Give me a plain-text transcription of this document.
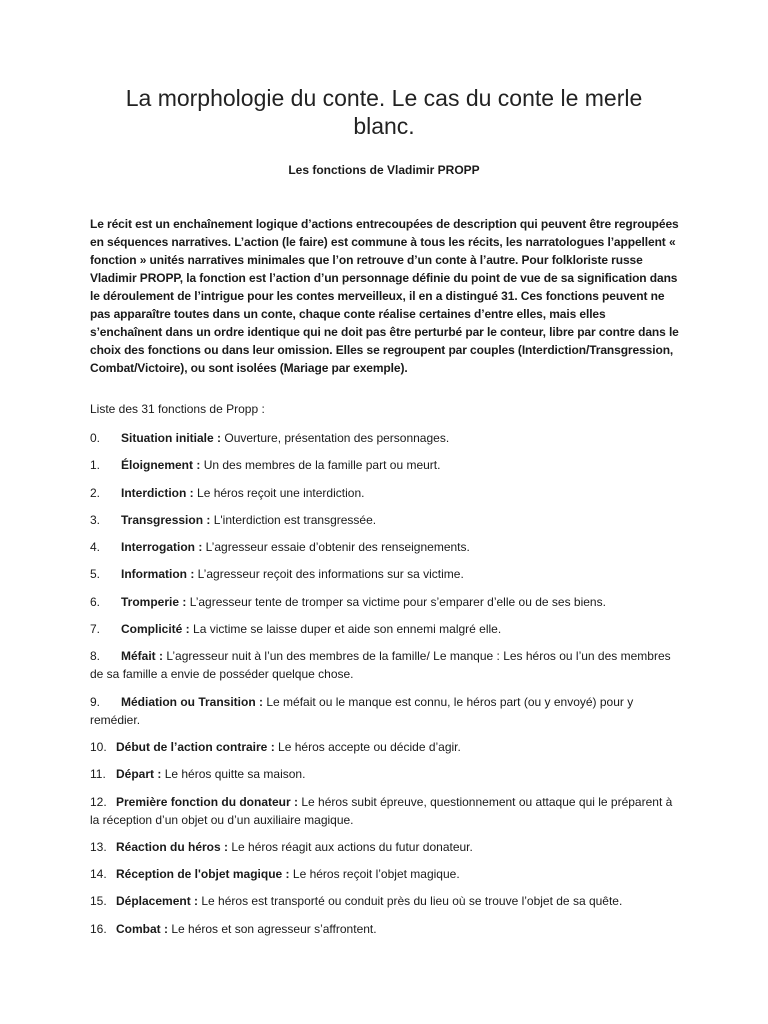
La morphologie du conte. Le cas du conte le merle blanc.

Les fonctions de Vladimir PROPP

Le récit est un enchaînement logique d’actions entrecoupées de description qui peuvent être regroupées en séquences narratives. L’action (le faire) est commune à tous les récits, les narratologues l’appellent « fonction » unités narratives minimales que l’on retrouve d’un conte à l’autre. Pour folkloriste russe Vladimir PROPP, la fonction est l’action d’un personnage définie du point de vue de sa signification dans le déroulement de l’intrigue pour les contes merveilleux, il en a distingué 31. Ces fonctions peuvent ne pas apparaître toutes dans un conte, chaque conte réalise certaines d’entre elles, mais elles s’enchaînent dans un ordre identique qui ne doit pas être perturbé par le conteur, libre par contre dans le choix des fonctions ou dans leur omission. Elles se regroupent par couples (Interdiction/Transgression, Combat/Victoire), ou sont isolées (Mariage par exemple).

Liste des 31 fonctions de Propp :

0. Situation initiale : Ouverture, présentation des personnages.
1. Éloignement : Un des membres de la famille part ou meurt.
2. Interdiction : Le héros reçoit une interdiction.
3. Transgression : L'interdiction est transgressée.
4. Interrogation : L’agresseur essaie d’obtenir des renseignements.
5. Information : L’agresseur reçoit des informations sur sa victime.
6. Tromperie : L’agresseur tente de tromper sa victime pour s’emparer d’elle ou de ses biens.
7. Complicité : La victime se laisse duper et aide son ennemi malgré elle.
8. Méfait : L’agresseur nuit à l’un des membres de la famille/ Le manque : Les héros ou l’un des membres de sa famille a envie de posséder quelque chose.
9. Médiation ou Transition : Le méfait ou le manque est connu, le héros part (ou y envoyé) pour y remédier.
10. Début de l’action contraire : Le héros accepte ou décide d’agir.
11. Départ : Le héros quitte sa maison.
12. Première fonction du donateur : Le héros subit épreuve, questionnement ou attaque qui le préparent à la réception d’un objet ou d’un auxiliaire magique.
13. Réaction du héros : Le héros réagit aux actions du futur donateur.
14. Réception de l'objet magique : Le héros reçoit l’objet magique.
15. Déplacement : Le héros est transporté ou conduit près du lieu où se trouve l’objet de sa quête.
16. Combat : Le héros et son agresseur s’affrontent.
